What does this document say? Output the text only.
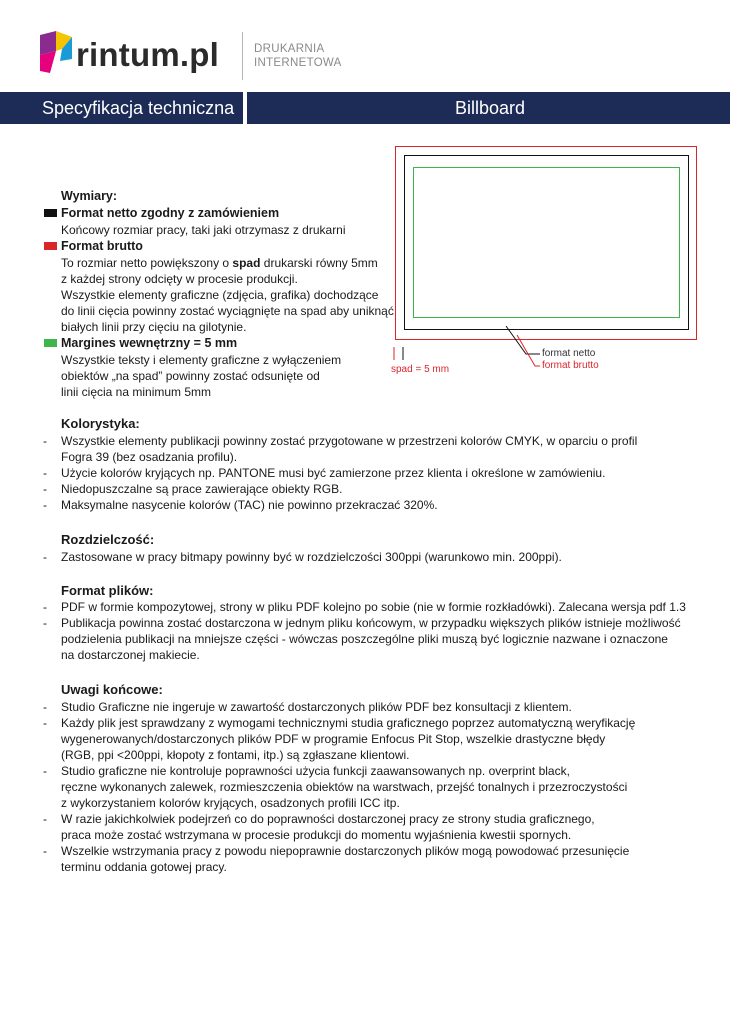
rintum.pl	DRUKARNIA
INTERNETOWA
Specyfikacja techniczna	Billboard
Wymiary:
Format netto zgodny z zamówieniem
Końcowy rozmiar pracy, taki jaki otrzymasz z drukarni
Format brutto
To rozmiar netto powiększony o spad drukarski równy 5mm
z każdej strony odcięty w procesie produkcji.
Wszystkie elementy graficzne (zdjęcia, grafika) dochodzące
do linii cięcia powinny zostać wyciągnięte na spad aby uniknąć
białych linii przy cięciu na gilotynie.
Margines wewnętrzny = 5 mm
Wszystkie teksty i elementy graficzne z wyłączeniem
obiektów „na spad” powinny zostać odsunięte od
linii cięcia na minimum 5mm
format netto
format brutto
spad = 5 mm
Kolorystyka:
- Wszystkie elementy publikacji powinny zostać przygotowane w przestrzeni kolorów CMYK, w oparciu o profil
Fogra 39 (bez osadzania profilu).
- Użycie kolorów kryjących np. PANTONE musi być zamierzone przez klienta i określone w zamówieniu.
- Niedopuszczalne są prace zawierające obiekty RGB.
- Maksymalne nasycenie kolorów (TAC) nie powinno przekraczać 320%.
Rozdzielczość:
- Zastosowane w pracy bitmapy powinny być w rozdzielczości 300ppi (warunkowo min. 200ppi).
Format plików:
- PDF w formie kompozytowej, strony w pliku PDF kolejno po sobie (nie w formie rozkładówki). Zalecana wersja pdf 1.3
- Publikacja powinna zostać dostarczona w jednym pliku końcowym, w przypadku większych plików istnieje możliwość
podzielenia publikacji na mniejsze części - wówczas poszczególne pliki muszą być logicznie nazwane i oznaczone
na dostarczonej makiecie.
Uwagi końcowe:
- Studio Graficzne nie ingeruje w zawartość dostarczonych plików PDF bez konsultacji z klientem.
- Każdy plik jest sprawdzany z wymogami technicznymi studia graficznego poprzez automatyczną weryfikację
wygenerowanych/dostarczonych plików PDF w programie Enfocus Pit Stop, wszelkie drastyczne błędy
(RGB, ppi <200ppi, kłopoty z fontami, itp.) są zgłaszane klientowi.
- Studio graficzne nie kontroluje poprawności użycia funkcji zaawansowanych np. overprint black,
ręczne wykonanych zalewek, rozmieszczenia obiektów na warstwach, przejść tonalnych i przezroczystości
z wykorzystaniem kolorów kryjących, osadzonych profili ICC itp.
- W razie jakichkolwiek podejrzeń co do poprawności dostarczonej pracy ze strony studia graficznego,
praca może zostać wstrzymana w procesie produkcji do momentu wyjaśnienia kwestii spornych.
- Wszelkie wstrzymania pracy z powodu niepoprawnie dostarczonych plików mogą powodować przesunięcie
terminu oddania gotowej pracy.
